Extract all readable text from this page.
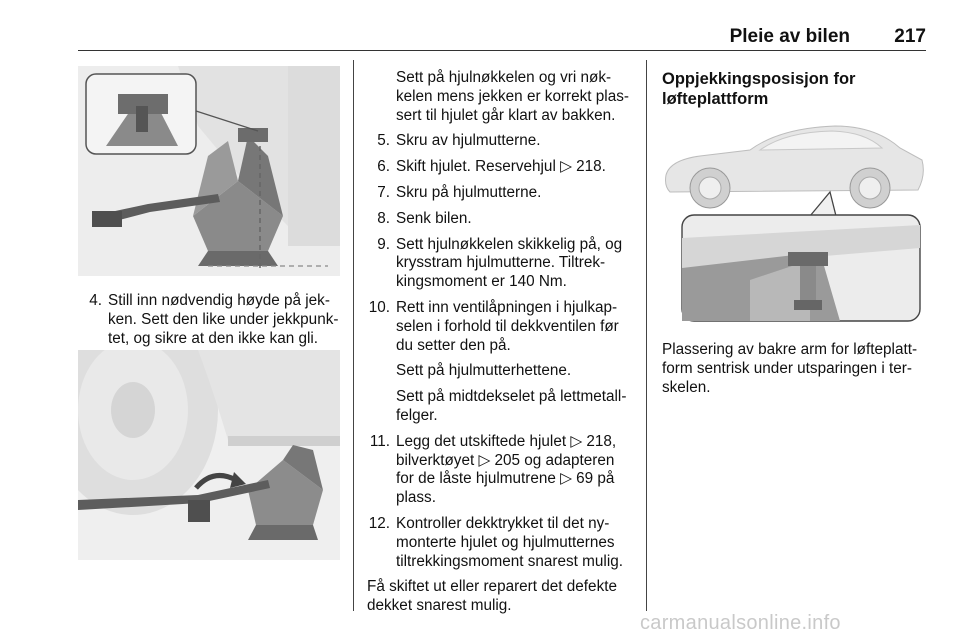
Pleie av bilen 217
4. Still inn nødvendig høyde på jek-
ken. Sett den like under jekkpunk-
tet, og sikre at den ikke kan gli.
Sett på hjulnøkkelen og vri nøk-
kelen mens jekken er korrekt plas-
sert til hjulet går klart av bakken.
5. Skru av hjulmutterne.
6. Skift hjulet. Reservehjul ▷ 218.
7. Skru på hjulmutterne.
8. Senk bilen.
9. Sett hjulnøkkelen skikkelig på, og
krysstram hjulmutterne. Tiltrek-
kingsmoment er 140 Nm.
10. Rett inn ventilåpningen i hjulkap-
selen i forhold til dekkventilen før
du setter den på.
Sett på hjulmutterhettene.
Sett på midtdekselet på lettmetall-
felger.
11. Legg det utskiftede hjulet ▷ 218,
bilverktøyet ▷ 205 og adapteren
for de låste hjulmutrene ▷ 69 på
plass.
12. Kontroller dekktrykket til det ny-
monterte hjulet og hjulmutternes
tiltrekkingsmoment snarest mulig.
Få skiftet ut eller reparert det defekte
dekket snarest mulig.
Oppjekkingsposisjon for
løfteplattform
Plassering av bakre arm for løfteplatt-
form sentrisk under utsparingen i ter-
skelen.
carmanualsonline.info
